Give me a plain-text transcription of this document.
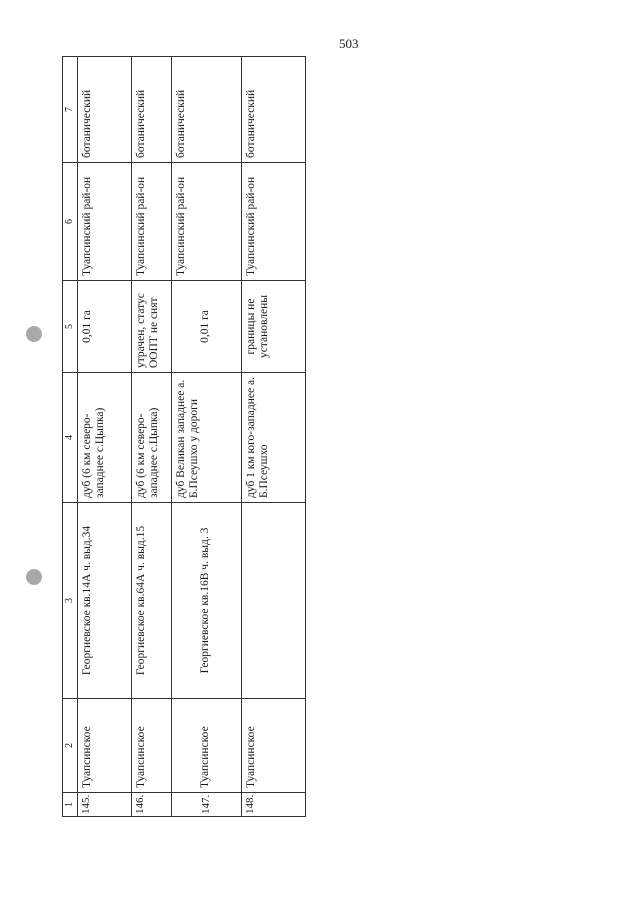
503
1	2	3	4	5	6	7
145.	Туапсинское	Георгиевское кв.14А ч. выд.34	дуб (6 км северо-западнее с.Цыпка)	0,01 га	Туапсинский рай-он	ботанический
146.	Туапсинское	Георгиевское кв.64А ч. выд.15	дуб (6 км северо-западнее с.Цыпка)	утрачен, статус ООПТ не снят	Туапсинский рай-он	ботанический
147.	Туапсинское	Георгиевское кв.16В ч. выд. 3	дуб Великан западнее а. Б.Псеушхо у дороги	0,01 га	Туапсинский рай-он	ботанический
148.	Туапсинское		дуб 1 км юго-западнее а. Б.Псеушхо	границы не установлены	Туапсинский рай-он	ботанический
